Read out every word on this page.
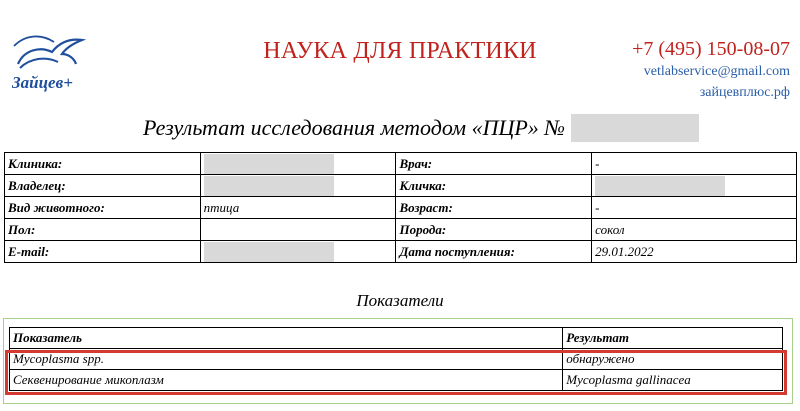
Зайцев+
НАУКА ДЛЯ ПРАКТИКИ	+7 (495) 150-08-07
vetlabservice@gmail.com
зайцевплюс.рф
Результат исследования методом «ПЦР» №
Клиника:		Врач:	-
Владелец:		Кличка:	
Вид животного:	птица	Возраст:	-
Пол:		Порода:	сокол
E-mail:		Дата поступления:	29.01.2022
Показатели
Показатель	Результат
Mycoplasma spp.	обнаружено
Секвенирование микоплазм	Mycoplasma gallinacea
